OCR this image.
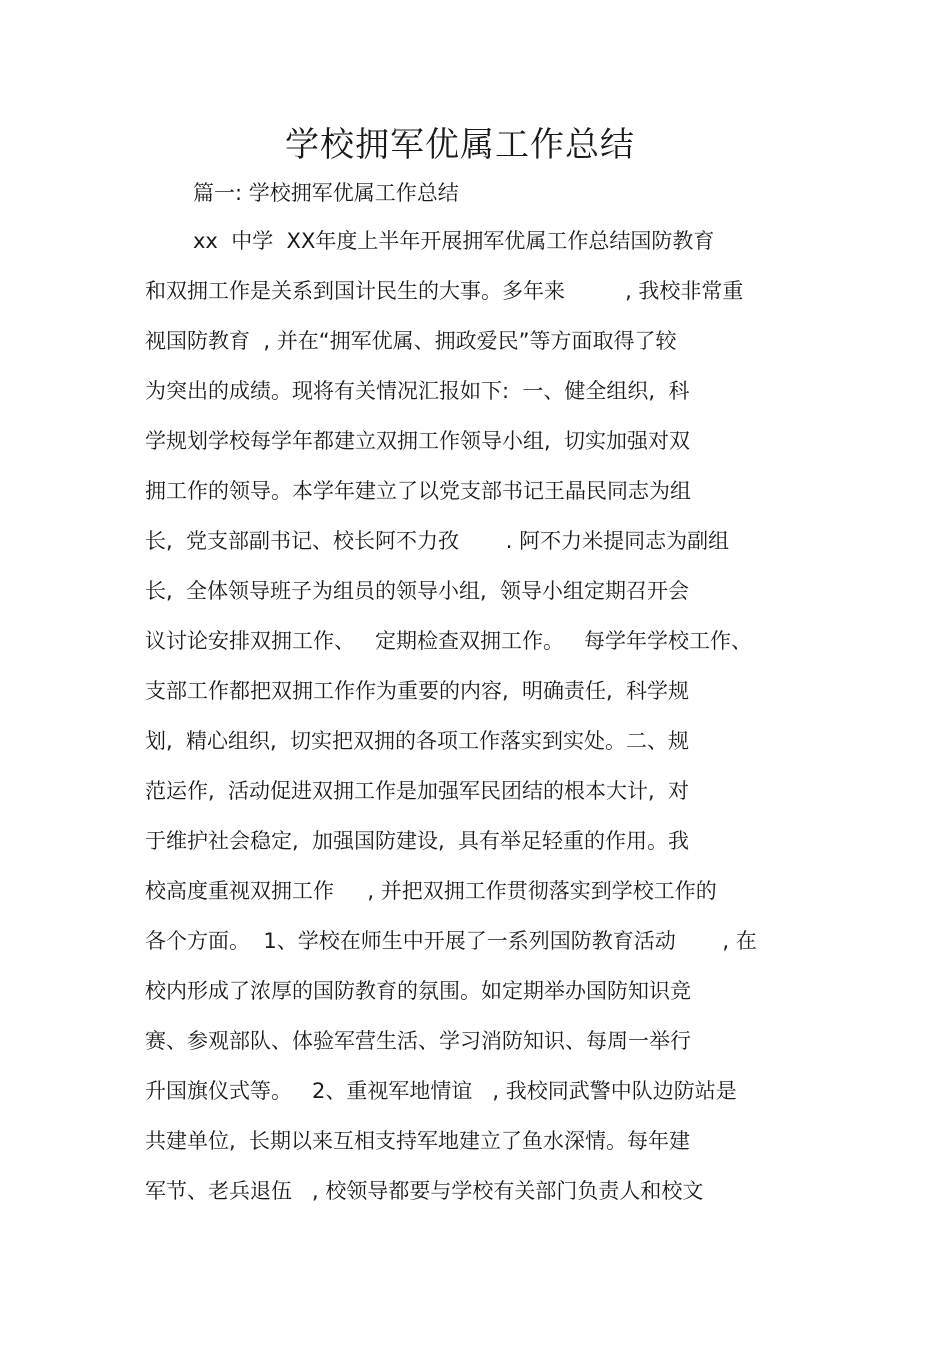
学校拥军优属工作总结
篇一: 学校拥军优属工作总结
xx  中学  XX年度上半年开展拥军优属工作总结国防教育
和双拥工作是关系到国计民生的大事。多年来         , 我校非常重
视国防教育  , 并在“拥军优属、拥政爱民”等方面取得了较
为突出的成绩。现将有关情况汇报如下:  一、健全组织,  科
学规划学校每学年都建立双拥工作领导小组,  切实加强对双
拥工作的领导。本学年建立了以党支部书记王晶民同志为组
长,  党支部副书记、校长阿不力孜       . 阿不力米提同志为副组
长,  全体领导班子为组员的领导小组,  领导小组定期召开会
议讨论安排双拥工作、   定期检查双拥工作。   每学年学校工作、
支部工作都把双拥工作作为重要的内容,  明确责任,  科学规
划,  精心组织,  切实把双拥的各项工作落实到实处。二、规
范运作,  活动促进双拥工作是加强军民团结的根本大计,  对
于维护社会稳定,  加强国防建设,  具有举足轻重的作用。我
校高度重视双拥工作     , 并把双拥工作贯彻落实到学校工作的
各个方面。  1、学校在师生中开展了一系列国防教育活动       , 在
校内形成了浓厚的国防教育的氛围。如定期举办国防知识竞
赛、参观部队、体验军营生活、学习消防知识、每周一举行
升国旗仪式等。   2、重视军地情谊   , 我校同武警中队边防站是
共建单位,  长期以来互相支持军地建立了鱼水深情。每年建
军节、老兵退伍   , 校领导都要与学校有关部门负责人和校文
